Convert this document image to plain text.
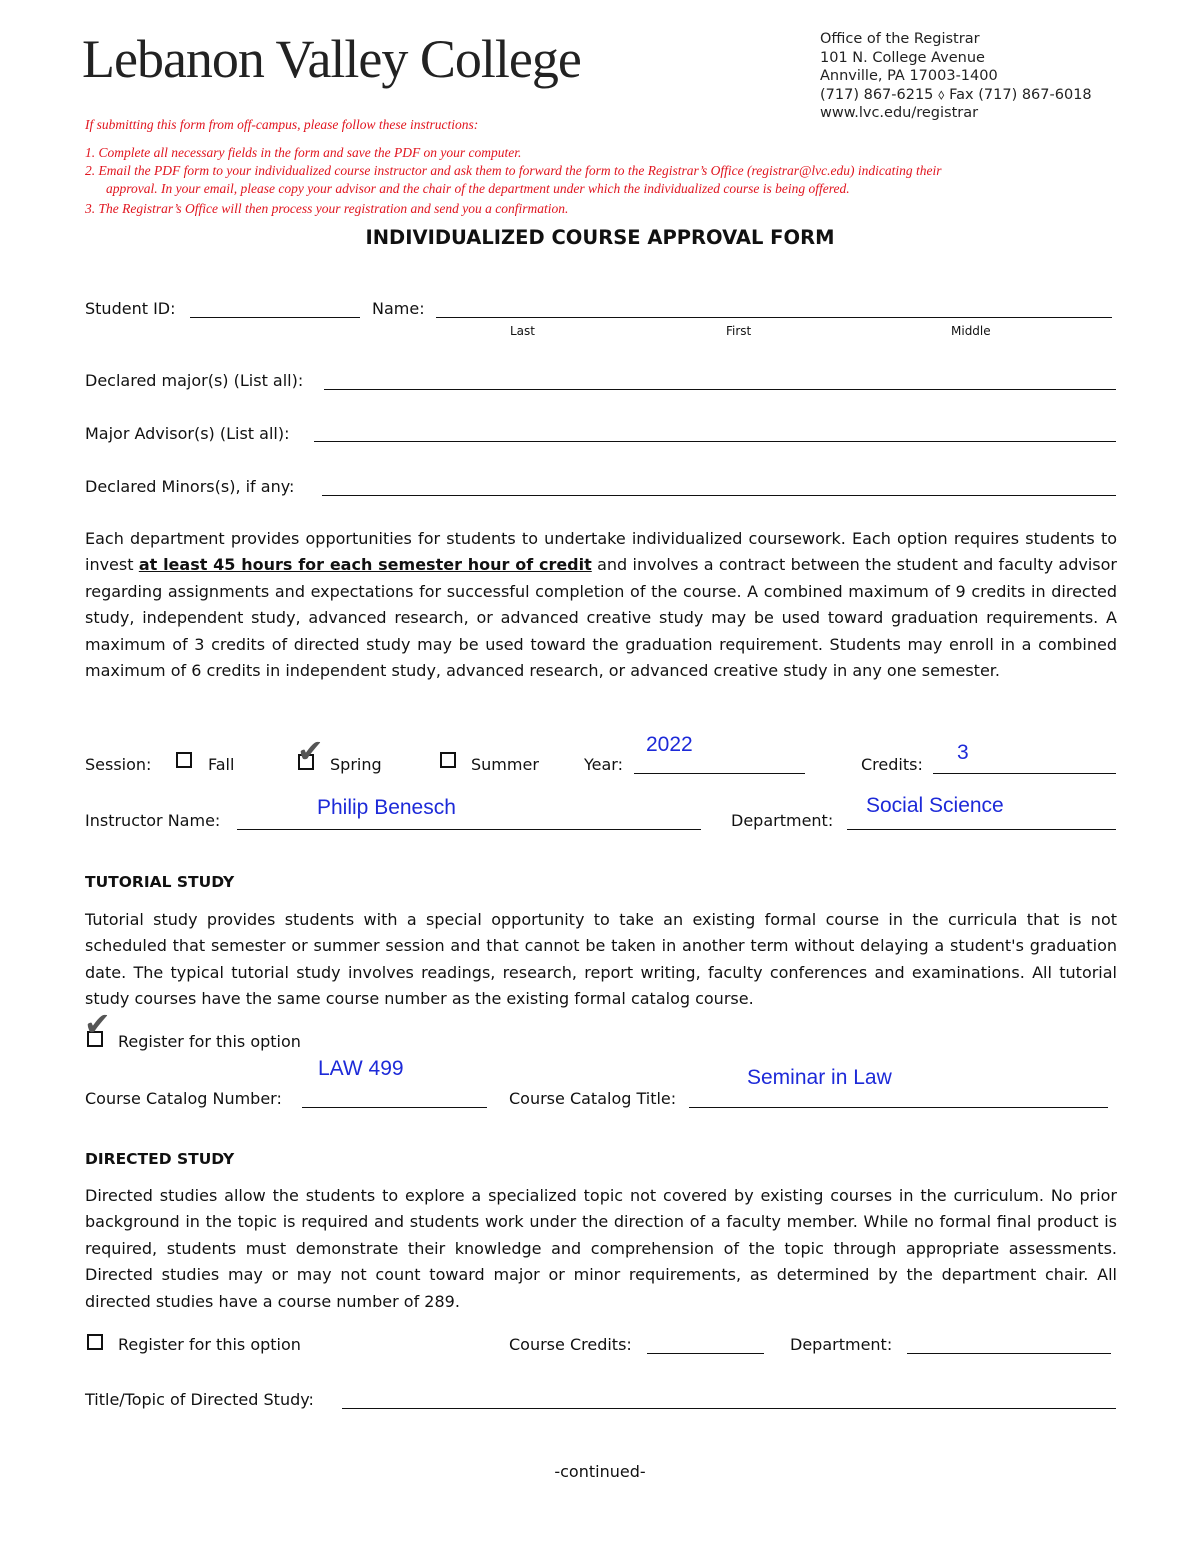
Lebanon Valley College	Office of the Registrar
101 N. College Avenue
Annville, PA 17003-1400
(717) 867-6215 ⬨ Fax (717) 867-6018
www.lvc.edu/registrar
If submitting this form from off-campus, please follow these instructions:
1. Complete all necessary fields in the form and save the PDF on your computer.
2. Email the PDF form to your individualized course instructor and ask them to forward the form to the Registrar’s Office (registrar@lvc.edu) indicating their
approval. In your email, please copy your advisor and the chair of the department under which the individualized course is being offered.
3. The Registrar’s Office will then process your registration and send you a confirmation.
INDIVIDUALIZED COURSE APPROVAL FORM
Student ID:	Name:
Last	First	Middle
Declared major(s) (List all):
Major Advisor(s) (List all):
Declared Minors(s), if any:
Each department provides opportunities for students to undertake individualized coursework. Each option requires students to invest at least 45 hours for each semester hour of credit and involves a contract between the student and faculty advisor regarding assignments and expectations for successful completion of the course. A combined maximum of 9 credits in directed study, independent study, advanced research, or advanced creative study may be used toward graduation requirements. A maximum of 3 credits of directed study may be used toward the graduation requirement. Students may enroll in a combined maximum of 6 credits in independent study, advanced research, or advanced creative study in any one semester.
Session:	Fall ✔ Spring	Summer	Year:
2022
Credits:
3
Instructor Name:
Philip Benesch
Department:
Social Science
TUTORIAL STUDY
Tutorial study provides students with a special opportunity to take an existing formal course in the curricula that is not scheduled that semester or summer session and that cannot be taken in another term without delaying a student's graduation date. The typical tutorial study involves readings, research, report writing, faculty conferences and examinations. All tutorial study courses have the same course number as the existing formal catalog course.
✔ Register for this option
Course Catalog Number:
LAW 499
Course Catalog Title:
Seminar in Law
DIRECTED STUDY
Directed studies allow the students to explore a specialized topic not covered by existing courses in the curriculum. No prior background in the topic is required and students work under the direction of a faculty member. While no formal final product is required, students must demonstrate their knowledge and comprehension of the topic through appropriate assessments. Directed studies may or may not count toward major or minor requirements, as determined by the department chair. All directed studies have a course number of 289.
Register for this option	Course Credits:	Department:
Title/Topic of Directed Study:
-continued-
